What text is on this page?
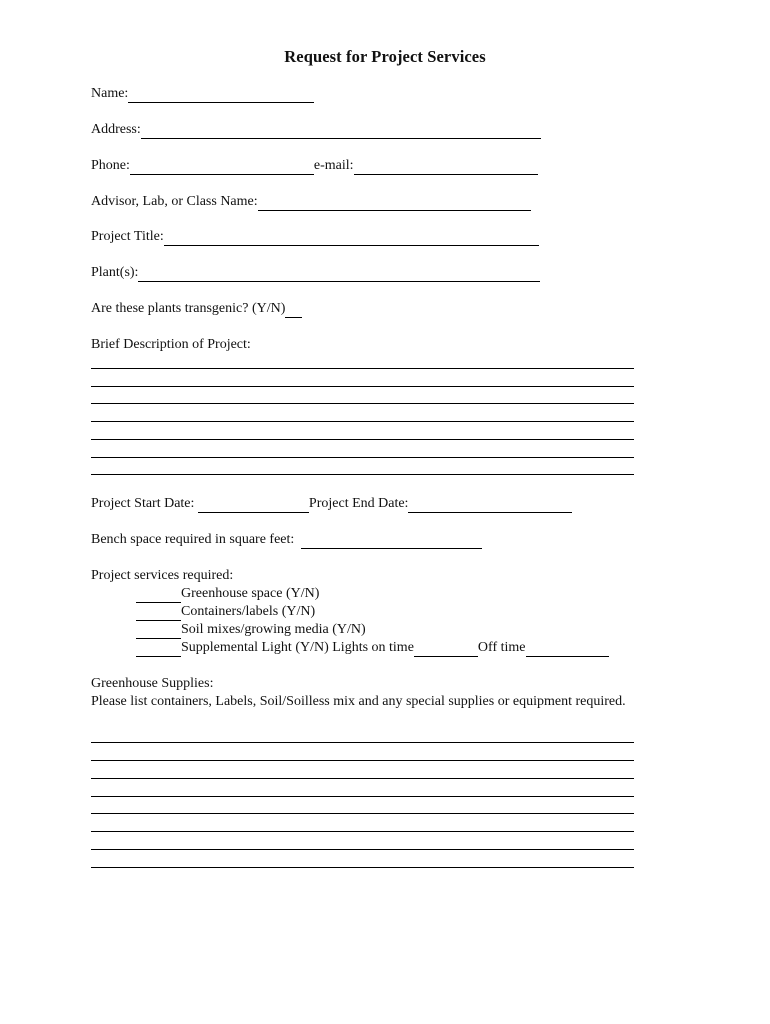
Request for Project Services
Name:
Address:
Phone:	e-mail:
Advisor, Lab, or Class Name:
Project Title:
Plant(s):
Are these plants transgenic? (Y/N)
Brief Description of Project:
Project Start Date:	Project End Date:
Bench space required in square feet:
Project services required:
Greenhouse space (Y/N)
Containers/labels (Y/N)
Soil mixes/growing media (Y/N)
Supplemental Light (Y/N) Lights on time	Off time
Greenhouse Supplies:
Please list containers, Labels, Soil/Soilless mix and any special supplies or equipment required.
